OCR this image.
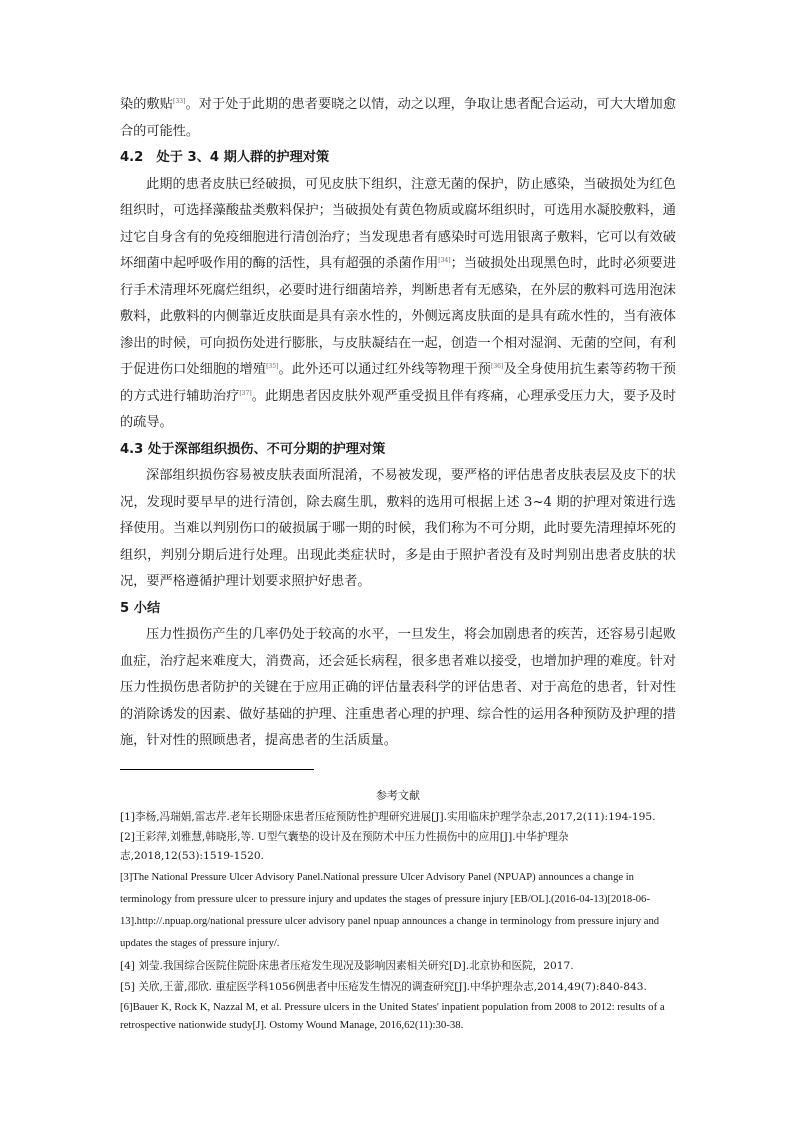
染的敷贴[33]。对于处于此期的患者要晓之以情，动之以理，争取让患者配合运动，可大大增加愈合的可能性。

4.2　处于 3、4 期人群的护理对策

此期的患者皮肤已经破损，可见皮肤下组织，注意无菌的保护，防止感染，当破损处为红色组织时，可选择藻酸盐类敷料保护；当破损处有黄色物质或腐坏组织时，可选用水凝胶敷料，通过它自身含有的免疫细胞进行清创治疗；当发现患者有感染时可选用银离子敷料，它可以有效破坏细菌中起呼吸作用的酶的活性，具有超强的杀菌作用[34]；当破损处出现黑色时，此时必须要进行手术清理坏死腐烂组织，必要时进行细菌培养，判断患者有无感染，在外层的敷料可选用泡沫敷料，此敷料的内侧靠近皮肤面是具有亲水性的，外侧远离皮肤面的是具有疏水性的，当有液体渗出的时候，可向损伤处进行膨胀，与皮肤凝结在一起，创造一个相对湿润、无菌的空间，有利于促进伤口处细胞的增殖[35]。此外还可以通过红外线等物理干预[36]及全身使用抗生素等药物干预的方式进行辅助治疗[37]。此期患者因皮肤外观严重受损且伴有疼痛，心理承受压力大，要予及时的疏导。

4.3 处于深部组织损伤、不可分期的护理对策

深部组织损伤容易被皮肤表面所混淆，不易被发现，要严格的评估患者皮肤表层及皮下的状况，发现时要早早的进行清创，除去腐生肌，敷料的选用可根据上述 3~4 期的护理对策进行选择使用。当难以判别伤口的破损属于哪一期的时候，我们称为不可分期，此时要先清理掉坏死的组织，判别分期后进行处理。出现此类症状时，多是由于照护者没有及时判别出患者皮肤的状况，要严格遵循护理计划要求照护好患者。

5 小结

压力性损伤产生的几率仍处于较高的水平，一旦发生，将会加剧患者的疾苦，还容易引起败血症，治疗起来难度大，消费高，还会延长病程，很多患者难以接受，也增加护理的难度。针对压力性损伤患者防护的关键在于应用正确的评估量表科学的评估患者、对于高危的患者，针对性的消除诱发的因素、做好基础的护理、注重患者心理的护理、综合性的运用各种预防及护理的措施，针对性的照顾患者，提高患者的生活质量。

参考文献

[1]李杨,冯瑞娟,雷志芹.老年长期卧床患者压疮预防性护理研究进展[J].实用临床护理学杂志,2017,2(11):194-195.

[2]王彩萍,刘雅慧,韩晓彤,等. U型气囊垫的设计及在预防术中压力性损伤中的应用[J].中华护理杂志,2018,12(53):1519-1520.

[3]The National Pressure Ulcer Advisory Panel.National pressure Ulcer Advisory Panel (NPUAP) announces a change in terminology from pressure ulcer to pressure injury and updates the stages of pressure injury [EB/OL].(2016-04-13)[2018-06-13].http://.npuap.org/national pressure ulcer advisory panel npuap announces a change in terminology from pressure injury and updates the stages of pressure injury/.

[4] 刘莹.我国综合医院住院卧床患者压疮发生现况及影响因素相关研究[D].北京协和医院，2017.

[5] 关欣,王蕾,邵欣. 重症医学科1056例患者中压疮发生情况的调查研究[J].中华护理杂志,2014,49(7):840-843.

[6]Bauer K, Rock K, Nazzal M, et al. Pressure ulcers in the United States' inpatient population from 2008 to 2012: results of a retrospective nationwide study[J]. Ostomy Wound Manage, 2016,62(11):30-38.
